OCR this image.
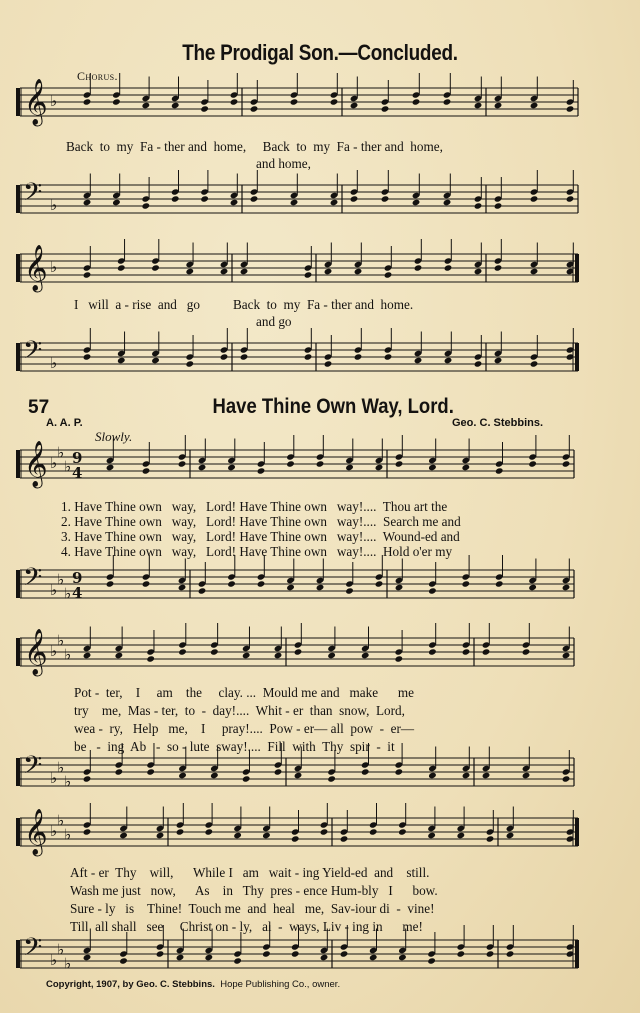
The Prodigal Son.—Concluded.
Chorus.
𝄞 ♭
𝄢 ♭
𝄞 ♭
𝄢 ♭
𝄞 ♭
♭
♭ 9
4
𝄢 ♭
♭
♭
9
4
𝄞 ♭
♭
♭
𝄢 ♭
♭
♭
𝄞 ♭
♭
♭
𝄢 ♭
♭
♭
Back  to  my  Fa - ther and  home,     Back  to  my  Fa - ther and  home,
and home,
I   will  a - rise  and   go          Back  to  my  Fa - ther and  home.
and go
57	Have Thine Own Way, Lord.
A. A. P.	Geo. C. Stebbins.
Slowly.
1. Have Thine own   way,   Lord! Have Thine own   way!....  Thou art the
2. Have Thine own   way,   Lord! Have Thine own   way!....  Search me and
3. Have Thine own   way,   Lord! Have Thine own   way!....  Wound-ed and
4. Have Thine own   way,   Lord! Have Thine own   way!....  Hold o'er my
Pot -  ter,    I     am    the     clay. ...  Mould me and   make      me
try    me,  Mas - ter,  to  -  day!....  Whit - er  than  snow,  Lord,
wea -  ry,   Help   me,    I     pray!....  Pow - er— all  pow  -  er—
be   -  ing  Ab   -  so - lute  sway!....  Fill  with  Thy  spir  -  it
Aft - er  Thy    will,      While I   am   wait - ing Yield-ed  and    still.
Wash me just   now,      As    in   Thy  pres - ence Hum-bly   I      bow.
Sure - ly   is    Thine!  Touch me  and  heal   me,  Sav-iour di  -  vine!
Till  all shall   see     Christ on - ly,   al  -  ways, Liv - ing in      me!
Copyright, 1907, by Geo. C. Stebbins. Hope Publishing Co., owner.
